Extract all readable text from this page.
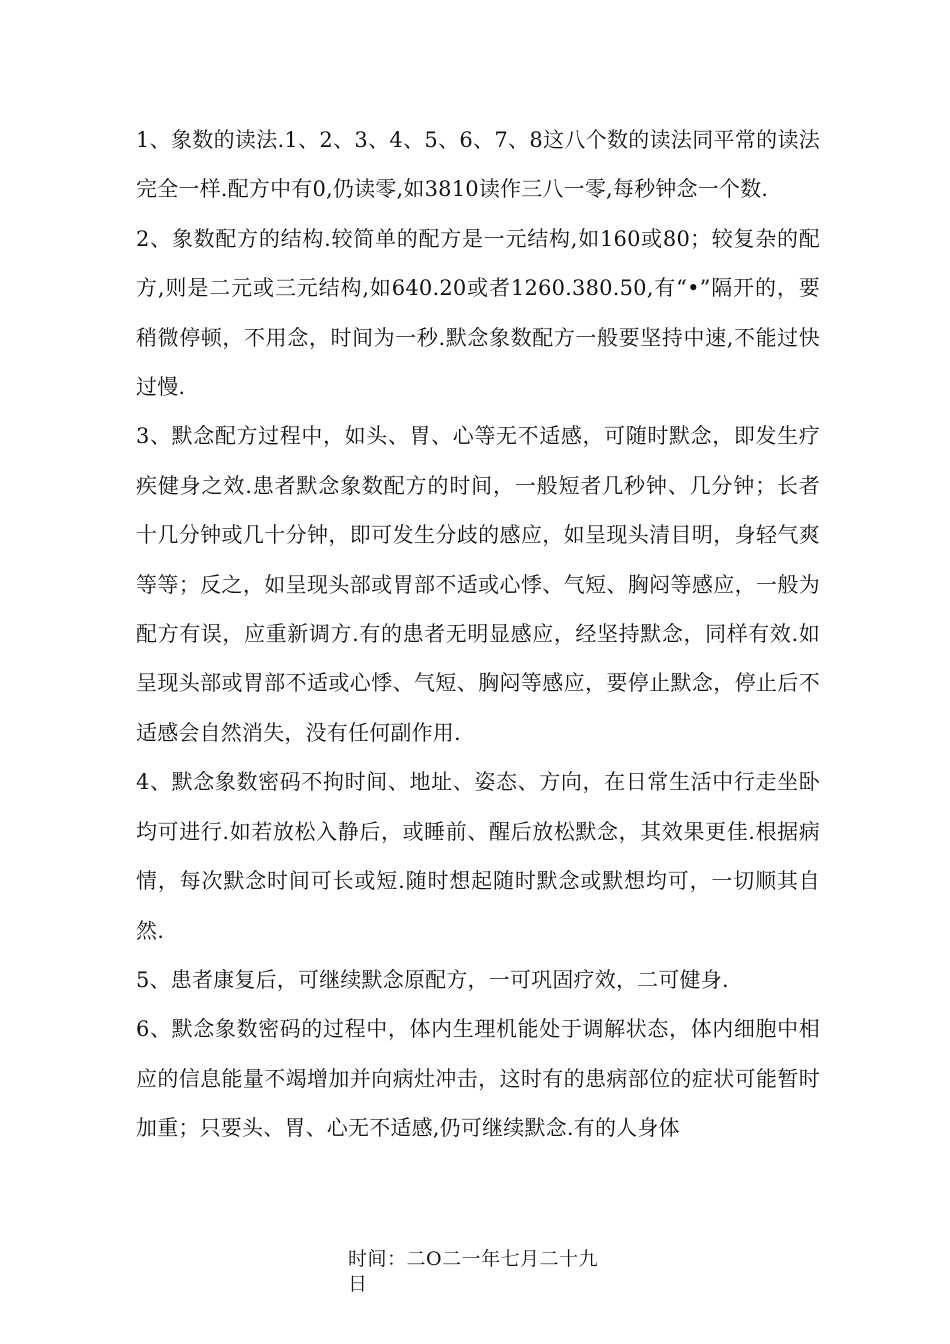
1、象数的读法.1、2、3、4、5、6、7、8这八个数的读法同平常的读法完全一样.配方中有0,仍读零,如3810读作三八一零,每秒钟念一个数.

2、象数配方的结构.较简单的配方是一元结构,如160或80；较复杂的配方,则是二元或三元结构,如640.20或者1260.380.50,有“•”隔开的，要稍微停顿，不用念，时间为一秒.默念象数配方一般要坚持中速,不能过快过慢.

3、默念配方过程中，如头、胃、心等无不适感，可随时默念，即发生疗疾健身之效.患者默念象数配方的时间，一般短者几秒钟、几分钟；长者十几分钟或几十分钟，即可发生分歧的感应，如呈现头清目明，身轻气爽等等；反之，如呈现头部或胃部不适或心悸、气短、胸闷等感应，一般为配方有误，应重新调方.有的患者无明显感应，经坚持默念，同样有效.如呈现头部或胃部不适或心悸、气短、胸闷等感应，要停止默念，停止后不适感会自然消失，没有任何副作用.

4、默念象数密码不拘时间、地址、姿态、方向，在日常生活中行走坐卧均可进行.如若放松入静后，或睡前、醒后放松默念，其效果更佳.根据病情，每次默念时间可长或短.随时想起随时默念或默想均可，一切顺其自然.

5、患者康复后，可继续默念原配方，一可巩固疗效，二可健身.

6、默念象数密码的过程中，体内生理机能处于调解状态，体内细胞中相应的信息能量不竭增加并向病灶冲击，这时有的患病部位的症状可能暂时加重；只要头、胃、心无不适感,仍可继续默念.有的人身体

时间：二O二一年七月二十九
日
